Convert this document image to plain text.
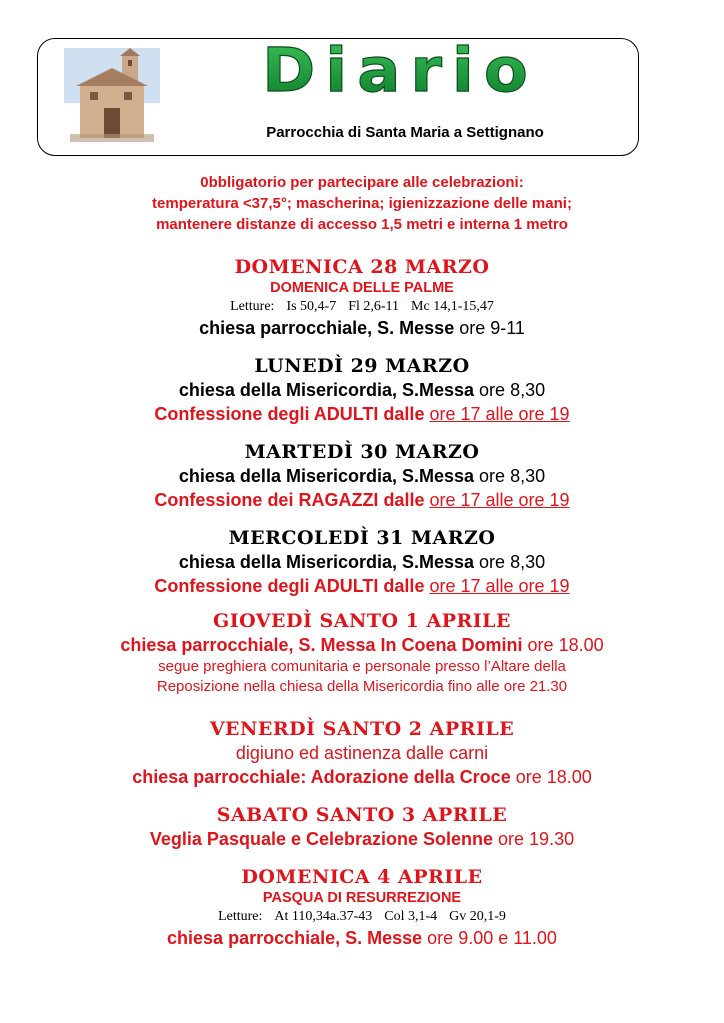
Diario
Parrocchia di Santa Maria a Settignano
0bbligatorio per partecipare alle celebrazioni:
temperatura <37,5°; mascherina; igienizzazione delle mani;
mantenere distanze di accesso 1,5 metri e interna 1 metro
DOMENICA 28 MARZO
DOMENICA DELLE PALME
Letture: Is 50,4-7 Fl 2,6-11 Mc 14,1-15,47
chiesa parrocchiale, S. Messe ore 9-11
LUNEDÌ 29 MARZO
chiesa della Misericordia, S.Messa ore 8,30
Confessione degli ADULTI dalle ore 17 alle ore 19
MARTEDÌ 30 MARZO
chiesa della Misericordia, S.Messa ore 8,30
Confessione dei RAGAZZI dalle ore 17 alle ore 19
MERCOLEDÌ 31 MARZO
chiesa della Misericordia, S.Messa ore 8,30
Confessione degli ADULTI dalle ore 17 alle ore 19
GIOVEDÌ SANTO 1 APRILE
chiesa parrocchiale, S. Messa In Coena Domini ore 18.00
segue preghiera comunitaria e personale presso l’Altare della
Reposizione nella chiesa della Misericordia fino alle ore 21.30
VENERDÌ SANTO 2 APRILE
digiuno ed astinenza dalle carni
chiesa parrocchiale: Adorazione della Croce ore 18.00
SABATO SANTO 3 APRILE
Veglia Pasquale e Celebrazione Solenne ore 19.30
DOMENICA 4 APRILE
PASQUA DI RESURREZIONE
Letture: At 110,34a.37-43 Col 3,1-4 Gv 20,1-9
chiesa parrocchiale, S. Messe ore 9.00 e 11.00
